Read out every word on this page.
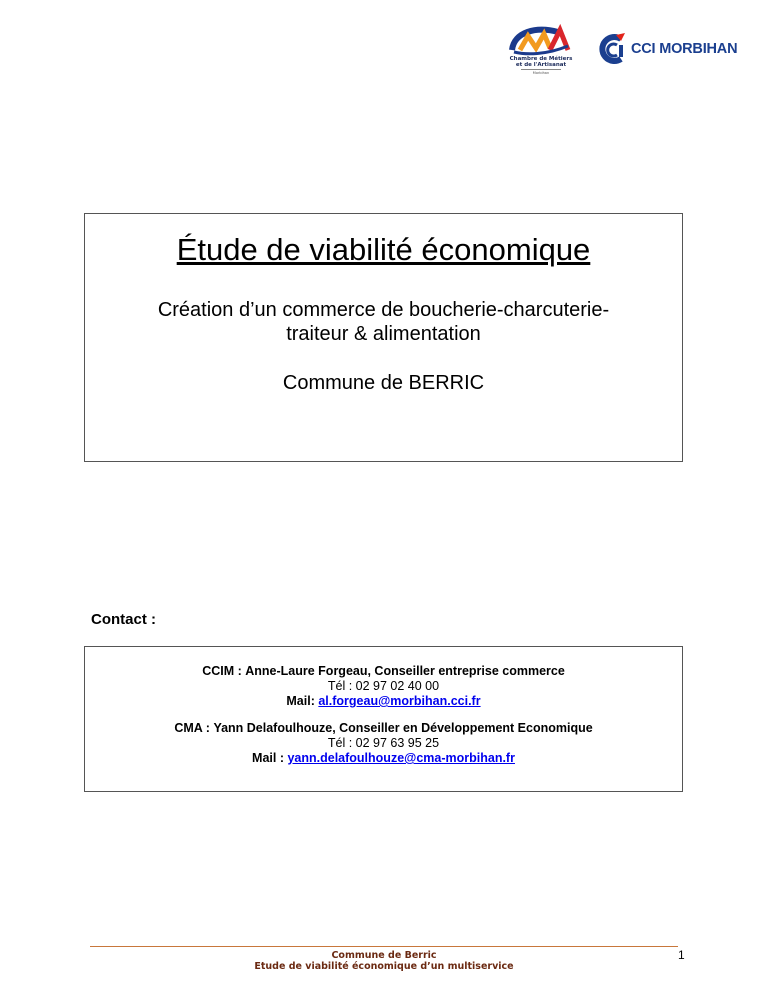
Chambre de Métiers
et de l'Artisanat
Morbihan
CCI MORBIHAN
Étude de viabilité économique
Création d’un commerce de boucherie-charcuterie-
traiteur & alimentation
Commune de BERRIC
Contact :
CCIM : Anne-Laure Forgeau, Conseiller entreprise commerce
Tél : 02 97 02 40 00
Mail: al.forgeau@morbihan.cci.fr
CMA : Yann Delafoulhouze, Conseiller en Développement Economique
Tél : 02 97 63 95 25
Mail : yann.delafoulhouze@cma-morbihan.fr
Commune de Berric
Etude de viabilité économique d’un multiservice
1
